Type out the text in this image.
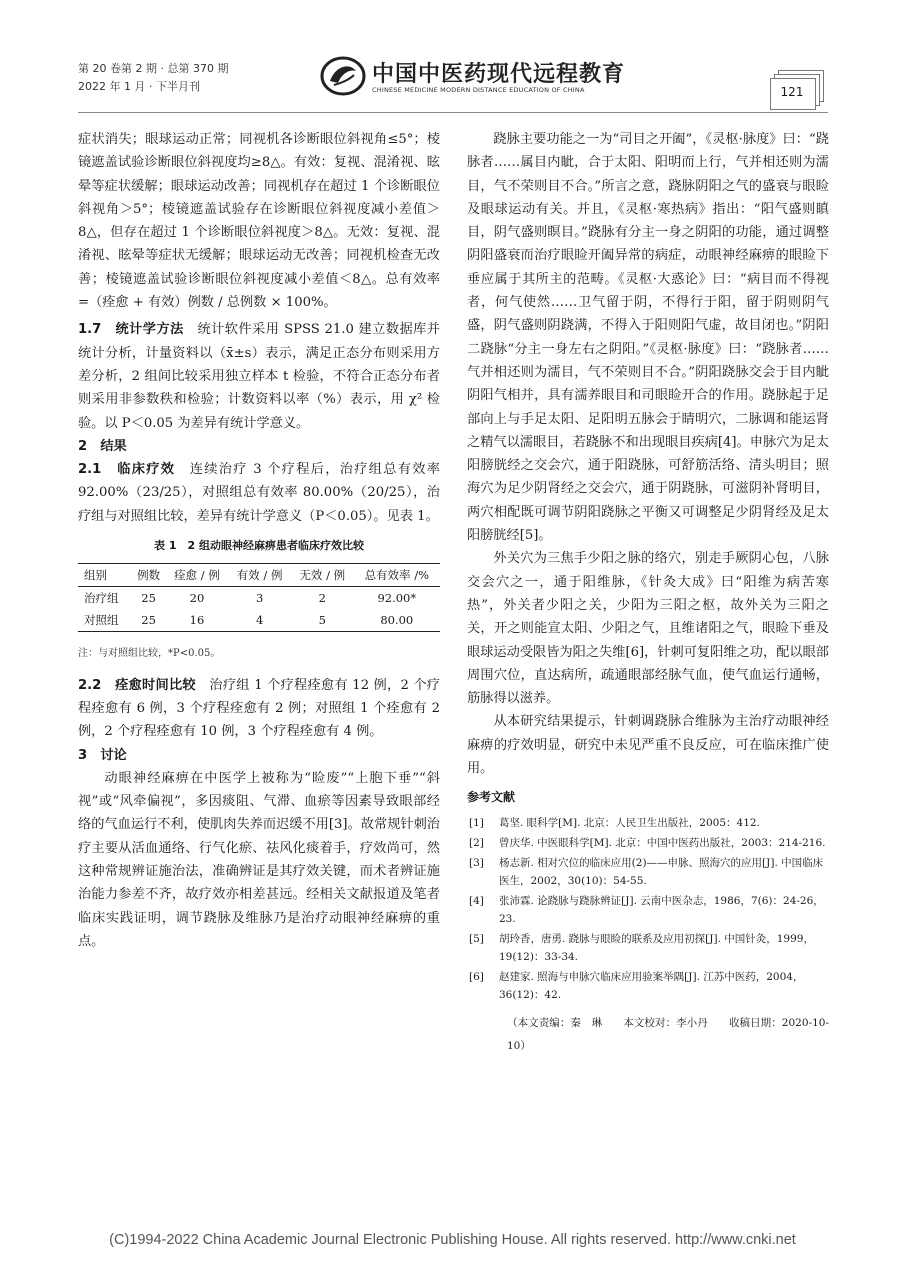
第 20 卷第 2 期 · 总第 370 期
2022 年 1 月 · 下半月刊	中国中医药现代远程教育
CHINESE MEDICINE MODERN DISTANCE EDUCATION OF CHINA	121

症状消失；眼球运动正常；同视机各诊断眼位斜视角≤5°；棱镜遮盖试验诊断眼位斜视度均≥8△。有效：复视、混淆视、眩晕等症状缓解；眼球运动改善；同视机存在超过 1 个诊断眼位斜视角＞5°；棱镜遮盖试验存在诊断眼位斜视度减小差值＞8△，但存在超过 1 个诊断眼位斜视度＞8△。无效：复视、混淆视、眩晕等症状无缓解；眼球运动无改善；同视机检查无改善；棱镜遮盖试验诊断眼位斜视度减小差值＜8△。总有效率 =（痊愈 + 有效）例数 / 总例数 × 100%。

1.7　统计学方法　统计软件采用 SPSS 21.0 建立数据库并统计分析，计量资料以（x̄±s）表示，满足正态分布则采用方差分析，2 组间比较采用独立样本 t 检验，不符合正态分布者则采用非参数秩和检验；计数资料以率（%）表示，用 χ² 检验。以 P＜0.05 为差异有统计学意义。

2　结果

2.1　临床疗效　连续治疗 3 个疗程后，治疗组总有效率 92.00%（23/25），对照组总有效率 80.00%（20/25），治疗组与对照组比较，差异有统计学意义（P＜0.05）。见表 1。

表 1　2 组动眼神经麻痹患者临床疗效比较
组别	例数	痊愈 / 例	有效 / 例	无效 / 例	总有效率 /%
治疗组	25	20	3	2	92.00*
对照组	25	16	4	5	80.00
注：与对照组比较，*P<0.05。

2.2　痊愈时间比较　治疗组 1 个疗程痊愈有 12 例，2 个疗程痊愈有 6 例，3 个疗程痊愈有 2 例；对照组 1 个痊愈有 2 例，2 个疗程痊愈有 10 例，3 个疗程痊愈有 4 例。

3　讨论

动眼神经麻痹在中医学上被称为“睑废”“上胞下垂”“斜视”或“风牵偏视”，多因痰阻、气滞、血瘀等因素导致眼部经络的气血运行不利，使肌肉失养而迟缓不用[3]。故常规针刺治疗主要从活血通络、行气化瘀、祛风化痰着手，疗效尚可，然这种常规辨证施治法，准确辨证是其疗效关键，而术者辨证施治能力参差不齐，故疗效亦相差甚远。经相关文献报道及笔者临床实践证明，调节跷脉及维脉乃是治疗动眼神经麻痹的重点。

跷脉主要功能之一为“司目之开阖”，《灵枢·脉度》曰：“跷脉者……属目内眦，合于太阳、阳明而上行，气并相还则为濡目，气不荣则目不合。”所言之意，跷脉阴阳之气的盛衰与眼睑及眼球运动有关。并且，《灵枢·寒热病》指出：“阳气盛则瞋目，阴气盛则瞑目。”跷脉有分主一身之阴阳的功能，通过调整阴阳盛衰而治疗眼睑开阖异常的病症，动眼神经麻痹的眼睑下垂应属于其所主的范畴。《灵枢·大惑论》曰：“病目而不得视者，何气使然……卫气留于阴，不得行于阳，留于阴则阴气盛，阴气盛则阴跷满，不得入于阳则阳气虚，故目闭也。”阴阳二跷脉“分主一身左右之阴阳。”《灵枢·脉度》曰：“跷脉者……气并相还则为濡目，气不荣则目不合。”阴阳跷脉交会于目内眦阴阳气相并，具有濡养眼目和司眼睑开合的作用。跷脉起于足部向上与手足太阳、足阳明五脉会于睛明穴，二脉调和能运肾之精气以濡眼目，若跷脉不和出现眼目疾病[4]。申脉穴为足太阳膀胱经之交会穴，通于阳跷脉，可舒筋活络、清头明目；照海穴为足少阴肾经之交会穴，通于阴跷脉，可滋阴补肾明目，两穴相配既可调节阴阳跷脉之平衡又可调整足少阴肾经及足太阳膀胱经[5]。

外关穴为三焦手少阳之脉的络穴，别走手厥阴心包，八脉交会穴之一，通于阳维脉，《针灸大成》曰“阳维为病苦寒热”，外关者少阳之关，少阳为三阳之枢，故外关为三阳之关，开之则能宣太阳、少阳之气，且维诸阳之气，眼睑下垂及眼球运动受限皆为阳之失维[6]，针刺可复阳维之功，配以眼部周围穴位，直达病所，疏通眼部经脉气血，使气血运行通畅，筋脉得以滋养。

从本研究结果提示，针刺调跷脉合维脉为主治疗动眼神经麻痹的疗效明显，研究中未见严重不良反应，可在临床推广使用。

参考文献
[1]	葛坚. 眼科学[M]. 北京：人民卫生出版社，2005：412.
[2]	曾庆华. 中医眼科学[M]. 北京：中国中医药出版社，2003：214-216.
[3]	杨志新. 相对穴位的临床应用(2)——申脉、照海穴的应用[J]. 中国临床医生，2002，30(10)：54-55.
[4]	张沛霖. 论跷脉与跷脉辨证[J]. 云南中医杂志，1986，7(6)：24-26，23.
[5]	胡玲香，唐勇. 跷脉与眼睑的联系及应用初探[J]. 中国针灸，1999，19(12)：33-34.
[6]	赵建家. 照海与申脉穴临床应用验案举隅[J]. 江苏中医药，2004，36(12)：42.
（本文责编：秦　琳　　本文校对：李小丹　　收稿日期：2020-10-10）
(C)1994-2022 China Academic Journal Electronic Publishing House. All rights reserved. http://www.cnki.net
